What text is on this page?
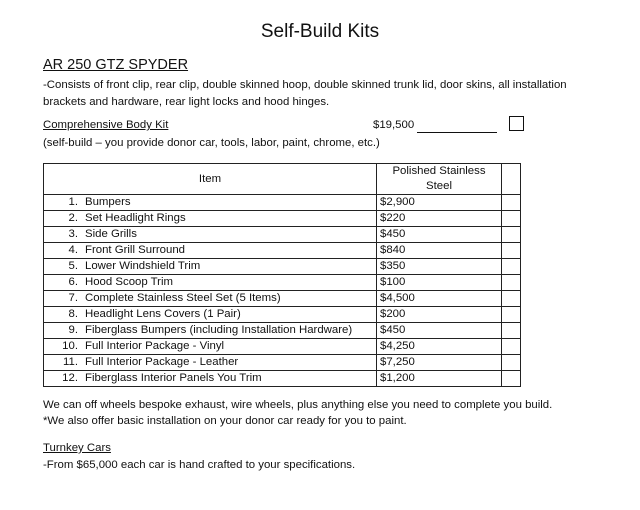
Self-Build Kits
AR 250 GTZ SPYDER
-Consists of front clip, rear clip, double skinned hoop, double skinned trunk lid, door skins, all installation brackets and hardware, rear light locks and hood hinges.
Comprehensive Body Kit	$19,500
(self-build – you provide donor car, tools, labor, paint, chrome, etc.)
Item		Polished Stainless Steel	
1.	Bumpers	$2,900	
2.	Set Headlight Rings	$220	
3.	Side Grills	$450	
4.	Front Grill Surround	$840	
5.	Lower Windshield Trim	$350	
6.	Hood Scoop Trim	$100	
7.	Complete Stainless Steel Set (5 Items)	$4,500	
8.	Headlight Lens Covers (1 Pair)	$200	
9.	Fiberglass Bumpers (including Installation Hardware)	$450	
10.	Full Interior Package - Vinyl	$4,250	
11.	Full Interior Package - Leather	$7,250	
12.	Fiberglass Interior Panels You Trim	$1,200	
We can off wheels bespoke exhaust, wire wheels, plus anything else you need to complete you build.
*We also offer basic installation on your donor car ready for you to paint.
Turnkey Cars
-From $65,000 each car is hand crafted to your specifications.
